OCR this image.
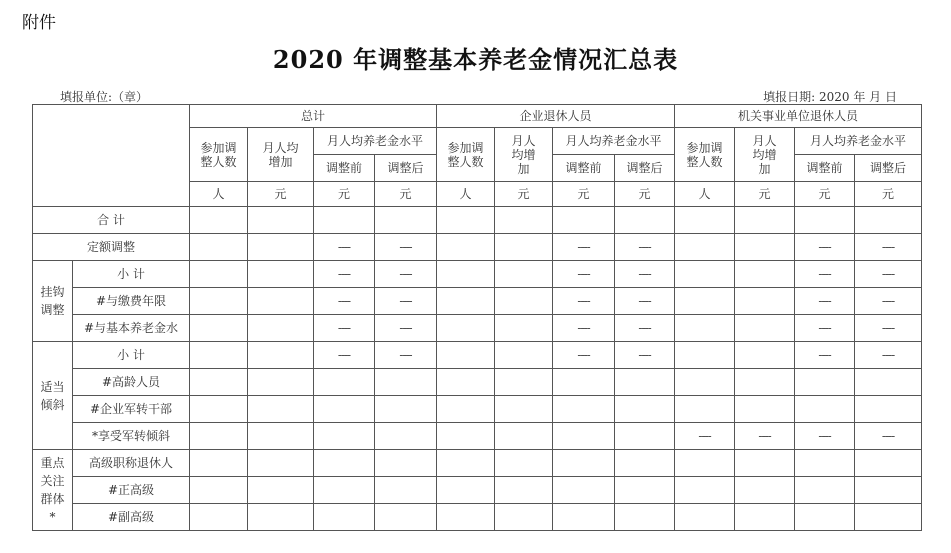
附件
2020 年调整基本养老金情况汇总表
填报单位:（章）	填报日期: 2020 年 月 日
		总计				企业退休人员				机关事业单位退休人员			
		参加调整人数	月人均增加	月人均养老金水平		参加调整人数	月人均增加	月人均养老金水平		参加调整人数	月人均增加	月人均养老金水平	
				调整前	调整后			调整前	调整后			调整前	调整后
		人	元	元	元	人	元	元	元	人	元	元	元
合 计													
定额调整				----	----			----	----			----	----
挂钩调整	小 计			----	----			----	----			----	----
	#与缴费年限			----	----			----	----			----	----
	#与基本养老金水			----	----			----	----			----	----
适当倾斜	小 计			----	----			----	----			----	----
	#高龄人员												
	#企业军转干部												
	*享受军转倾斜									----	----	----	----
重点关注群体 *	高级职称退休人												
	#正高级												
	#副高级												
